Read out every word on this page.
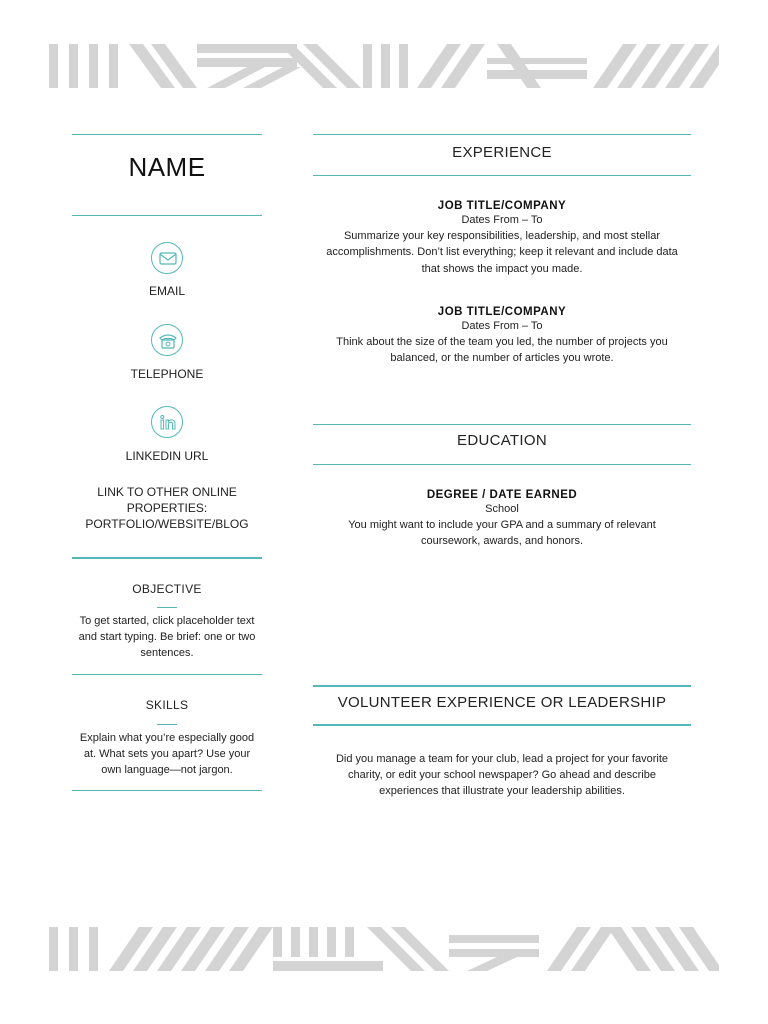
NAME
EMAIL
TELEPHONE
LINKEDIN URL
LINK TO OTHER ONLINE
PROPERTIES:
PORTFOLIO/WEBSITE/BLOG
OBJECTIVE
To get started, click placeholder text
and start typing. Be brief: one or two
sentences.
SKILLS
Explain what you’re especially good
at. What sets you apart? Use your
own language—not jargon.
EXPERIENCE
JOB TITLE/COMPANY
Dates From – To
Summarize your key responsibilities, leadership, and most stellar
accomplishments. Don’t list everything; keep it relevant and include data
that shows the impact you made.
JOB TITLE/COMPANY
Dates From – To
Think about the size of the team you led, the number of projects you
balanced, or the number of articles you wrote.
EDUCATION
DEGREE / DATE EARNED
School
You might want to include your GPA and a summary of relevant
coursework, awards, and honors.
VOLUNTEER EXPERIENCE OR LEADERSHIP
Did you manage a team for your club, lead a project for your favorite
charity, or edit your school newspaper? Go ahead and describe
experiences that illustrate your leadership abilities.
